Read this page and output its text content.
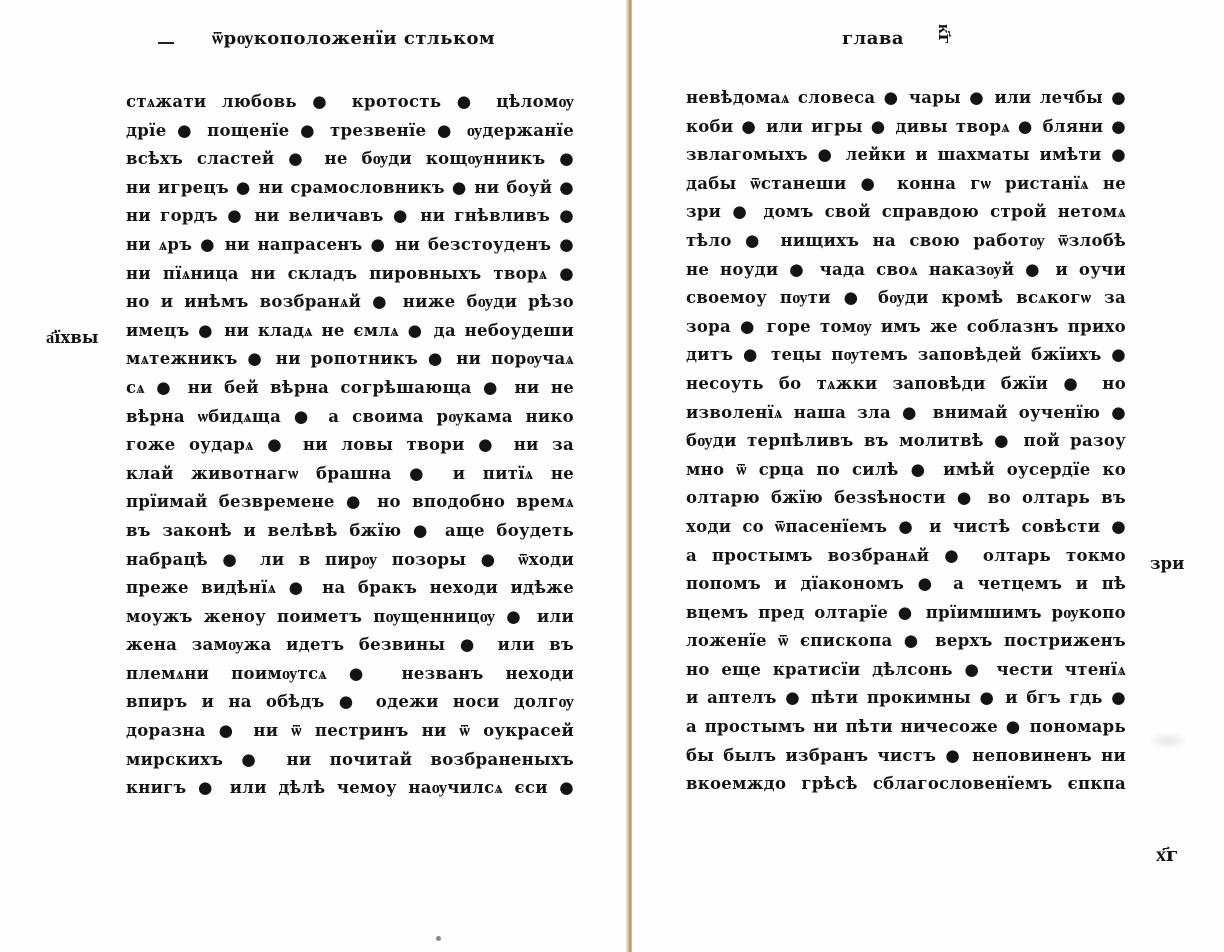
ѿрѹкоположенїи стльком
а҃їхвы
стѧжати любовь ● кротость ● цѣломѹ
дрїе ● пощенїе ● трезвенїе ● ѹдержанїе
всѣхъ сластей ● не бѹди кощѹнникъ ●
ни игрецъ ● ни срамословникъ ● ни боуй ●
ни гордъ ● ни величавъ ● ни гнѣвливъ ●
ни ѧръ ● ни напрасенъ ● ни безстоуденъ ●
ни пїѧница ни складъ пировныхъ творѧ ●
но и инѣмъ возбранѧй ● ниже бѹди рѣзо
имецъ ● ни кладѧ не ємлѧ ● да небоудеши
мѧтежникъ ● ни ропотникъ ● ни порѹчаѧ
сѧ ● ни бей вѣрна согрѣшающа ● ни не
вѣрна ѡбидѧща ● а своима рѹкама нико
гоже оударѧ ● ни ловы твори ● ни за
клай животнагѡ брашна ● и питїѧ не
прїимай безвремене ● но вподобно времѧ
въ законѣ и велѣвѣ бжїю ● аще боудеть
набрацѣ ● ли в пирѹ позоры ● ѿходи
преже видѣнїѧ ● на бракъ неходи идѣже
моужъ женоу поиметъ пѹщенницѹ ● или
жена замѹжа идетъ безвины ● или въ
племѧни поимѹтсѧ ● незванъ неходи
впиръ и на обѣдъ ● одежи носи долгѹ
доразна ● ни ѿ пестринъ ни ѿ оукрасей
мирскихъ ● ни почитай возбраненыхъ
книгъ ● или дѣлѣ чемоу наѹчилсѧ єси ●
глава к҃г
невѣдомаѧ словеса ● чары ● или лечбы ●
коби ● или игры ● дивы творѧ ● бляни ●
звлагомыхъ ● лейки и шахматы имѣти ●
дабы ѿстанеши ● конна гѡ ристанїѧ не
зри ● домъ свой справдою строй нетомѧ
тѣло ● нищихъ на свою работѹ ѿзлобѣ
не ноуди ● чада своѧ наказѹй ● и оучи
своемоу пѹти ● бѹди кромѣ всѧкогѡ за
зора ● горе томѹ имъ же соблазнъ прихо
дитъ ● тецы пѹтемъ заповѣдей бжїихъ ●
несоуть бо тѧжки заповѣди бжїи ● но
изволенїѧ наша зла ● внимай оученїю ●
бѹди терпѣливъ въ молитвѣ ● пой разоу
мно ѿ срца по силѣ ● имѣй оусердїе ко
олтарю бжїю безѕѣности ● во олтарь въ
ходи со ѿпасенїемъ ● и чистѣ совѣсти ●
а простымъ возбранѧй ● олтарь токмо
попомъ и дїакономъ ● а четцемъ и пѣ
вцемъ пред олтарїе ● прїимшимъ рѹкопо
ложенїе ѿ єпископа ● верхъ постриженъ
но еще кратисїи дѣлсонь ● чести чтенїѧ
и аптелъ ● пѣти прокимны ● и бгъ гдь ●
а простымъ ни пѣти ничесоже ● пономарь
бы былъ избранъ чистъ ● неповиненъ ни
вкоемждо грѣсѣ сблагословенїемъ єпкпа
зри
х҃г
